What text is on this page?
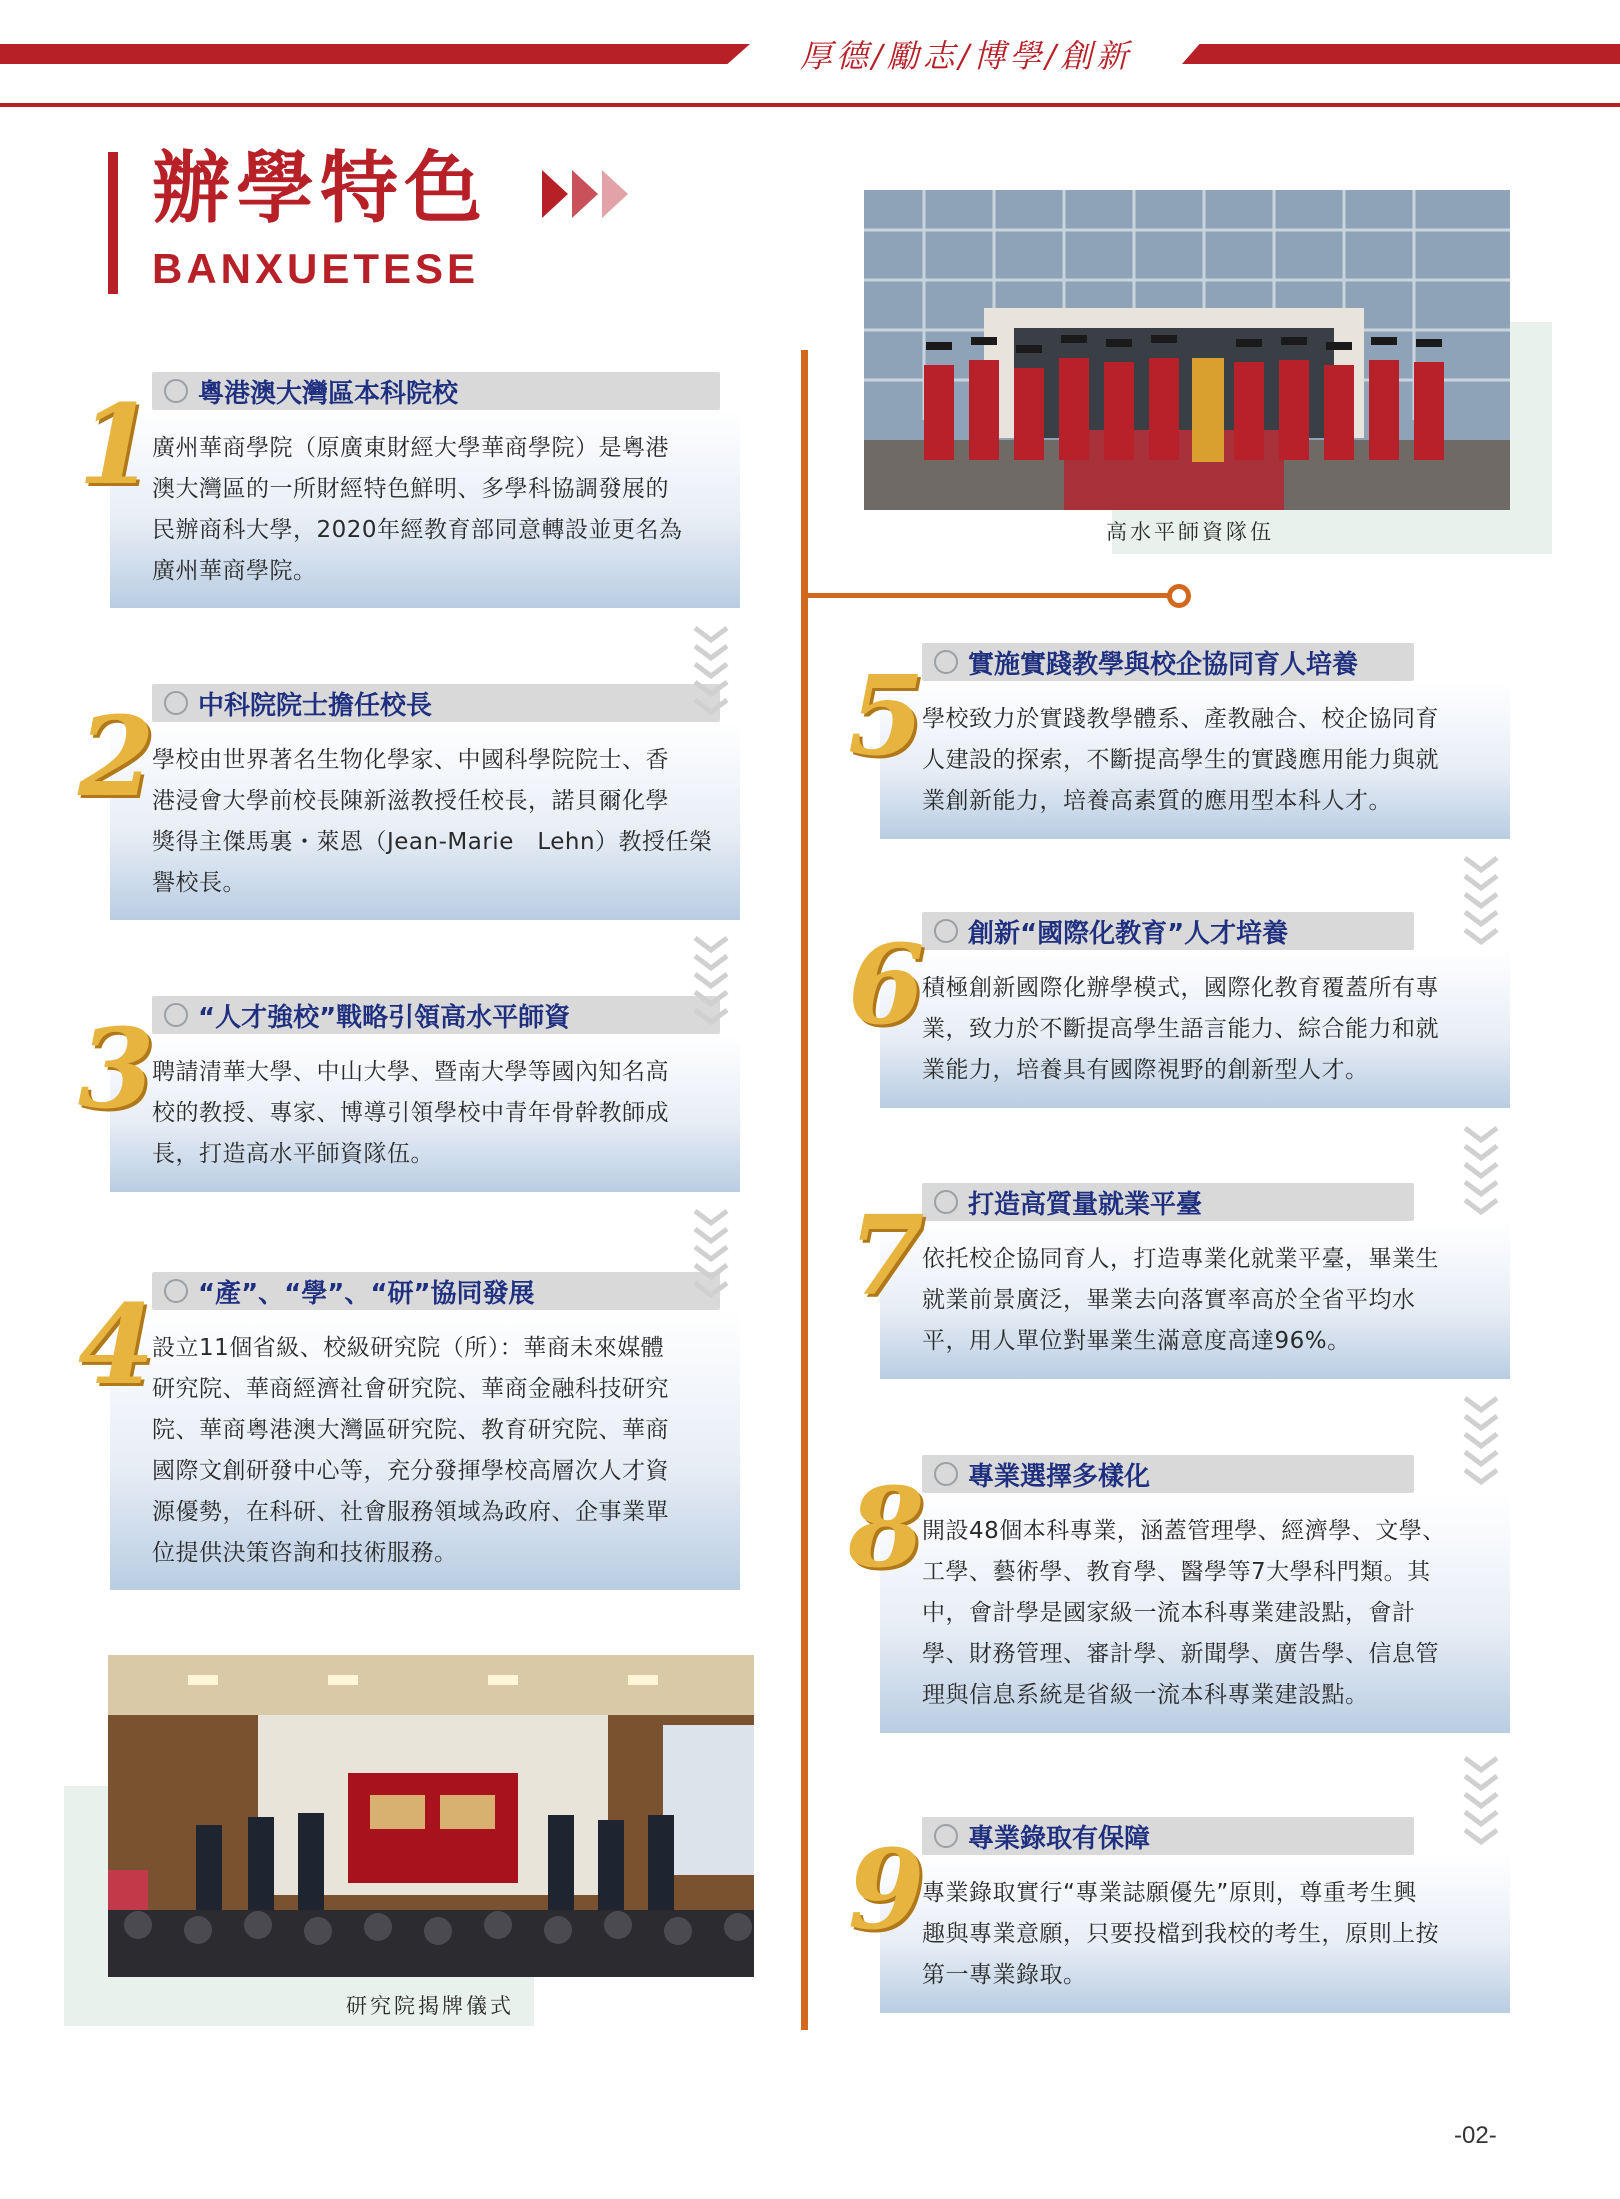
厚德/勵志/博學/創新
辦學特色
BANXUETESE
粵港澳大灣區本科院校
1
廣州華商學院（原廣東財經大學華商學院）是粵港
澳大灣區的一所財經特色鮮明、多學科協調發展的
民辦商科大學，2020年經教育部同意轉設並更名為
廣州華商學院。
中科院院士擔任校長
2
學校由世界著名生物化學家、中國科學院院士、香
港浸會大學前校長陳新滋教授任校長，諾貝爾化學
獎得主傑馬裏・萊恩（Jean-Marie　Lehn）教授任榮
譽校長。
“人才強校”戰略引領高水平師資
3
聘請清華大學、中山大學、暨南大學等國內知名高
校的教授、專家、博導引領學校中青年骨幹教師成
長，打造高水平師資隊伍。
“產”、“學”、“研”協同發展
4
設立11個省級、校級研究院（所）：華商未來媒體
研究院、華商經濟社會研究院、華商金融科技研究
院、華商粵港澳大灣區研究院、教育研究院、華商
國際文創研發中心等，充分發揮學校高層次人才資
源優勢，在科研、社會服務領域為政府、企事業單
位提供決策咨詢和技術服務。
實施實踐教學與校企協同育人培養
5
學校致力於實踐教學體系、產教融合、校企協同育
人建設的探索，不斷提高學生的實踐應用能力與就
業創新能力，培養高素質的應用型本科人才。
創新“國際化教育”人才培養
6
積極創新國際化辦學模式，國際化教育覆蓋所有專
業，致力於不斷提高學生語言能力、綜合能力和就
業能力，培養具有國際視野的創新型人才。
打造高質量就業平臺
7
依托校企協同育人，打造專業化就業平臺，畢業生
就業前景廣泛，畢業去向落實率高於全省平均水
平，用人單位對畢業生滿意度高達96%。
專業選擇多樣化
8
開設48個本科專業，涵蓋管理學、經濟學、文學、
工學、藝術學、教育學、醫學等7大學科門類。其
中，會計學是國家級一流本科專業建設點，會計
學、財務管理、審計學、新聞學、廣告學、信息管
理與信息系統是省級一流本科專業建設點。
專業錄取有保障
9
專業錄取實行“專業誌願優先”原則，尊重考生興
趣與專業意願，只要投檔到我校的考生，原則上按
第一專業錄取。
高水平師資隊伍
研究院揭牌儀式
-02-
